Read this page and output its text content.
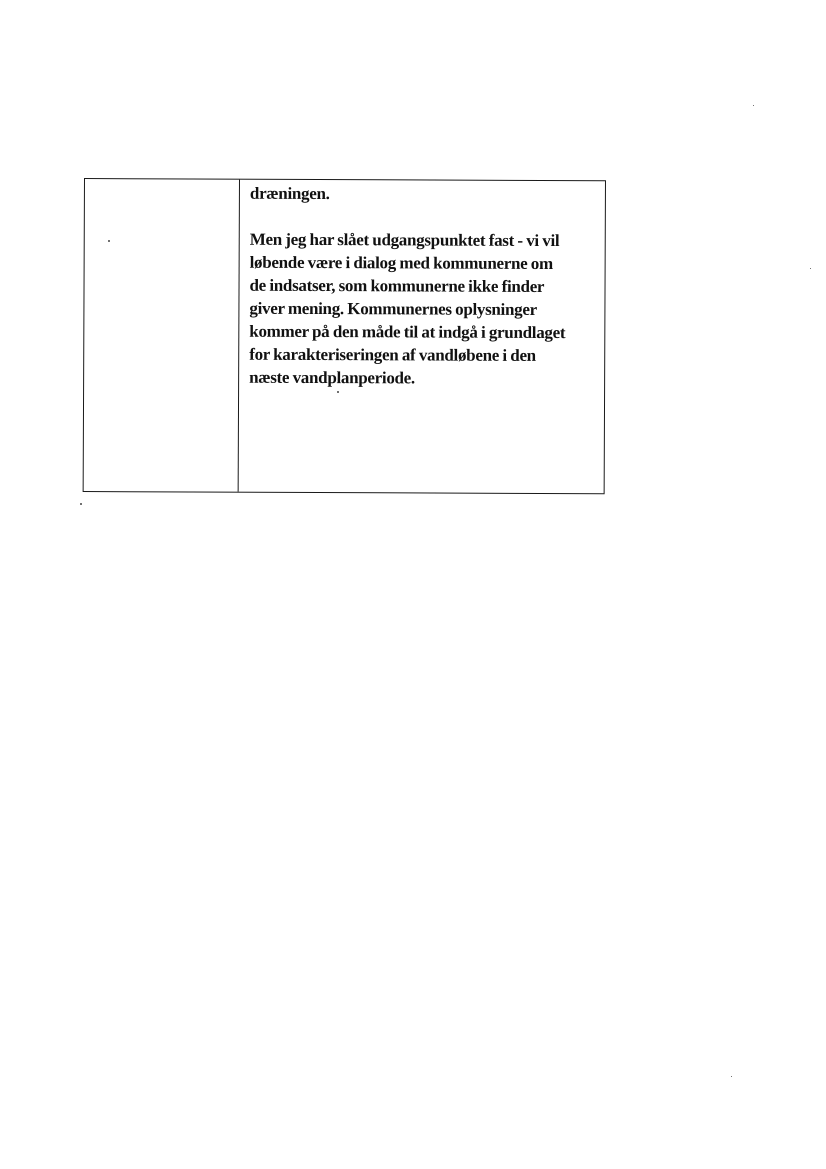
dræningen.

Men jeg har slået udgangspunktet fast - vi vil
løbende være i dialog med kommunerne om
de indsatser, som kommunerne ikke finder
giver mening. Kommunernes oplysninger
kommer på den måde til at indgå i grundlaget
for karakteriseringen af vandløbene i den
næste vandplanperiode.
